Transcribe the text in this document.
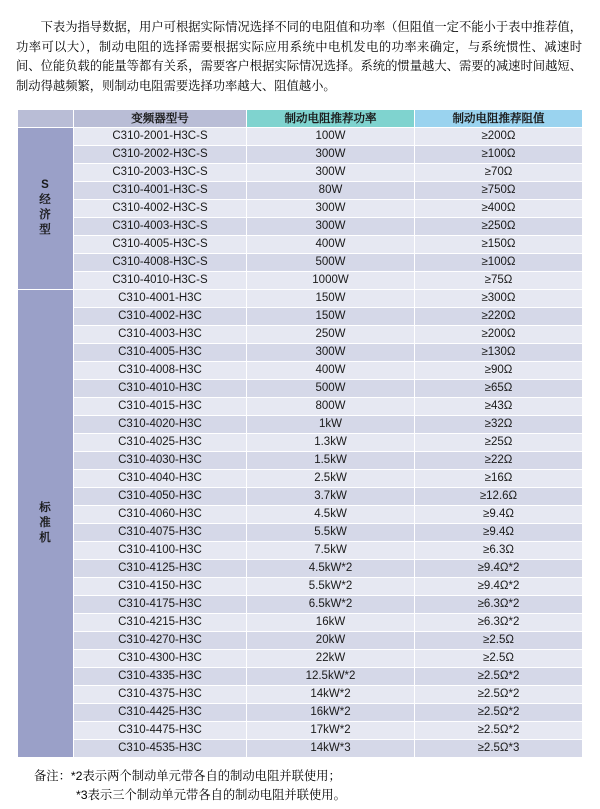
下表为指导数据，用户可根据实际情况选择不同的电阻值和功率（但阻值一定不能小于表中推荐值，功率可以大），制动电阻的选择需要根据实际应用系统中电机发电的功率来确定，与系统惯性、减速时间、位能负载的能量等都有关系，需要客户根据实际情况选择。系统的惯量越大、需要的减速时间越短、制动得越频繁，则制动电阻需要选择功率越大、阻值越小。

	变频器型号	制动电阻推荐功率	制动电阻推荐阻值

S
经
济
型	C310-2001-H3C-S	100W	≥200Ω
	C310-2002-H3C-S	300W	≥100Ω
	C310-2003-H3C-S	300W	≥70Ω
	C310-4001-H3C-S	80W	≥750Ω
	C310-4002-H3C-S	300W	≥400Ω
	C310-4003-H3C-S	300W	≥250Ω
	C310-4005-H3C-S	400W	≥150Ω
	C310-4008-H3C-S	500W	≥100Ω
	C310-4010-H3C-S	1000W	≥75Ω

标
准
机	C310-4001-H3C	150W	≥300Ω
	C310-4002-H3C	150W	≥220Ω
	C310-4003-H3C	250W	≥200Ω
	C310-4005-H3C	300W	≥130Ω
	C310-4008-H3C	400W	≥90Ω
	C310-4010-H3C	500W	≥65Ω
	C310-4015-H3C	800W	≥43Ω
	C310-4020-H3C	1kW	≥32Ω
	C310-4025-H3C	1.3kW	≥25Ω
	C310-4030-H3C	1.5kW	≥22Ω
	C310-4040-H3C	2.5kW	≥16Ω
	C310-4050-H3C	3.7kW	≥12.6Ω
	C310-4060-H3C	4.5kW	≥9.4Ω
	C310-4075-H3C	5.5kW	≥9.4Ω
	C310-4100-H3C	7.5kW	≥6.3Ω
	C310-4125-H3C	4.5kW*2	≥9.4Ω*2
	C310-4150-H3C	5.5kW*2	≥9.4Ω*2
	C310-4175-H3C	6.5kW*2	≥6.3Ω*2
	C310-4215-H3C	16kW	≥6.3Ω*2
	C310-4270-H3C	20kW	≥2.5Ω
	C310-4300-H3C	22kW	≥2.5Ω
	C310-4335-H3C	12.5kW*2	≥2.5Ω*2
	C310-4375-H3C	14kW*2	≥2.5Ω*2
	C310-4425-H3C	16kW*2	≥2.5Ω*2
	C310-4475-H3C	17kW*2	≥2.5Ω*2
	C310-4535-H3C	14kW*3	≥2.5Ω*3
备注：*2表示两个制动单元带各自的制动电阻并联使用；
*3表示三个制动单元带各自的制动电阻并联使用。
